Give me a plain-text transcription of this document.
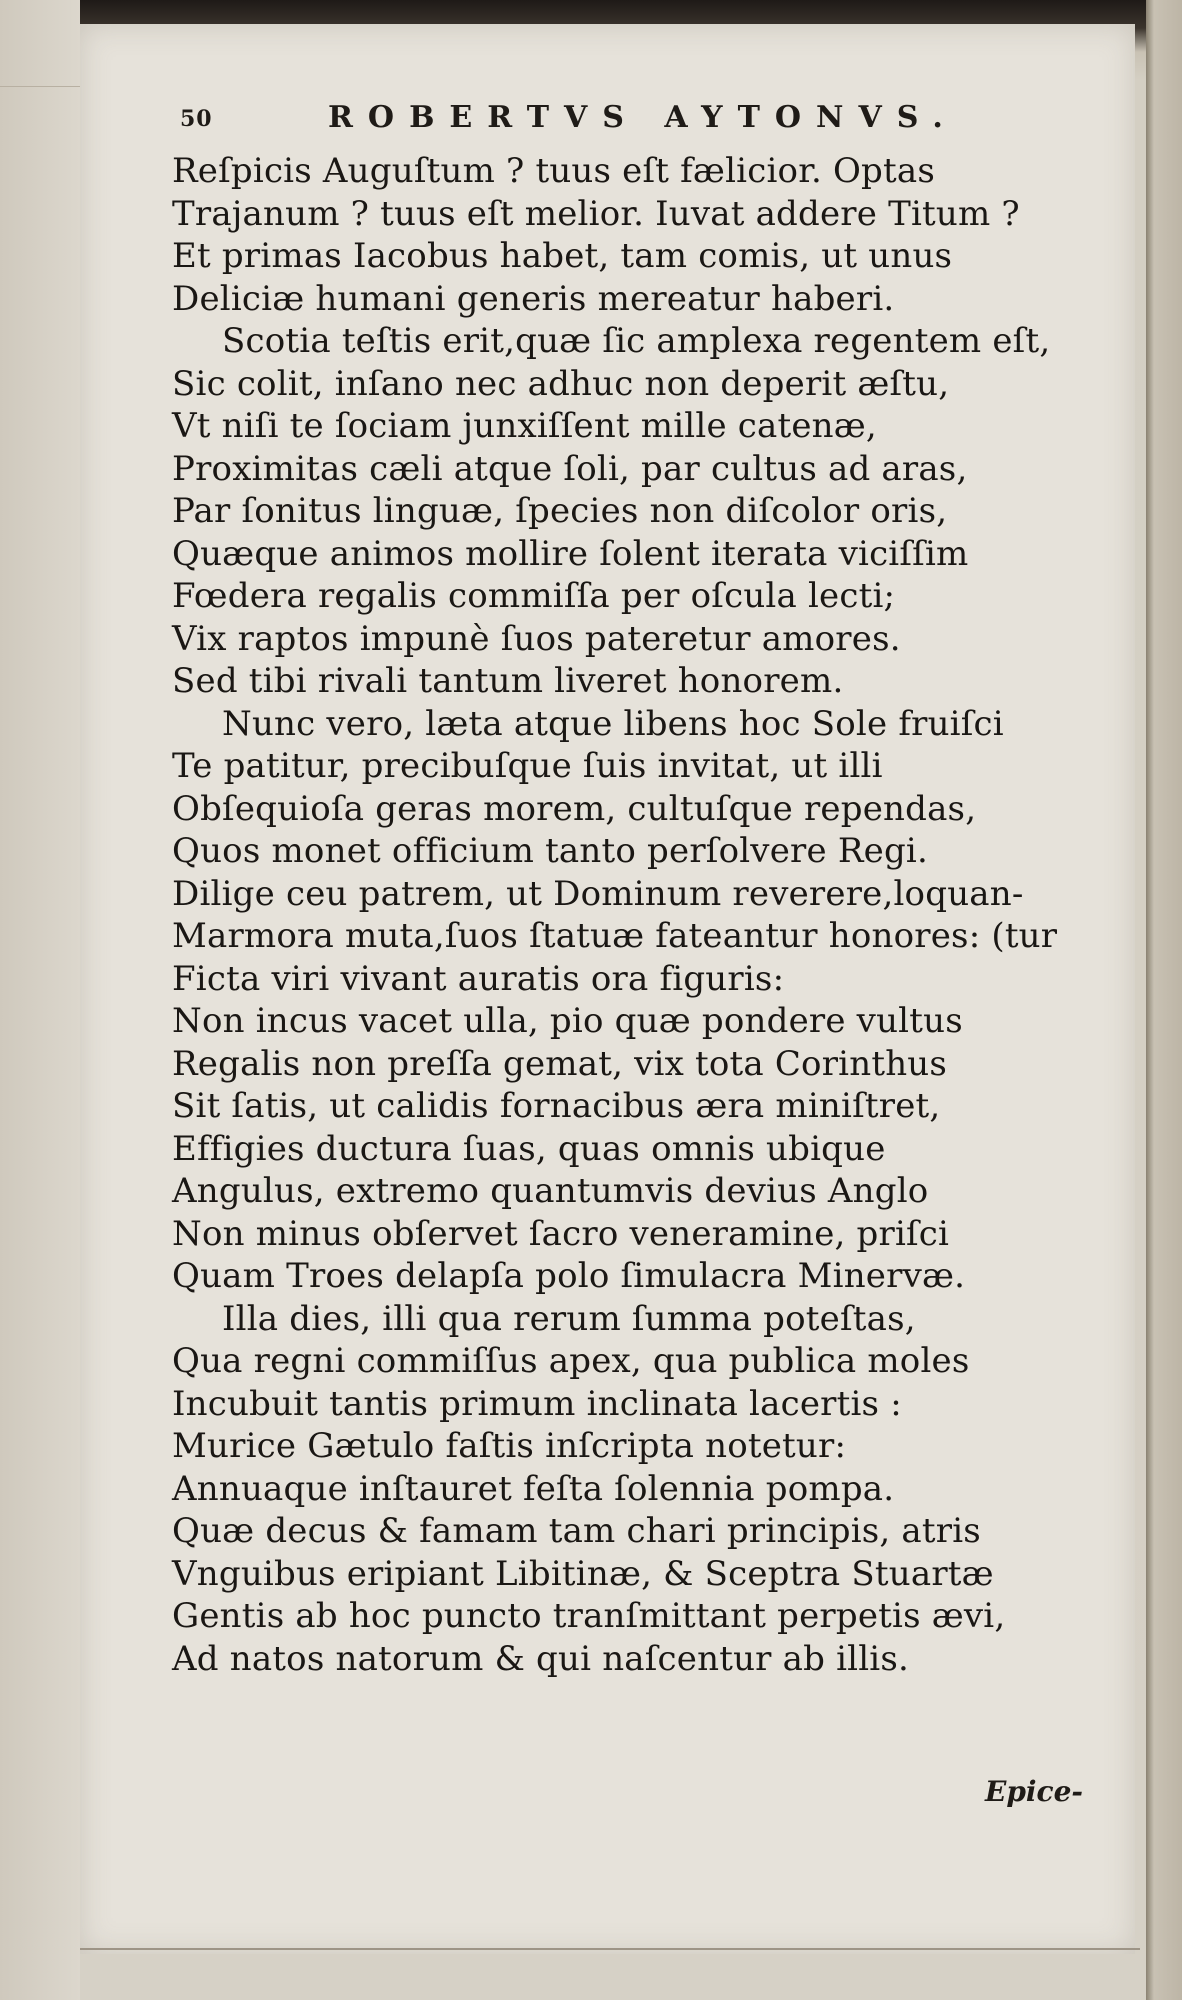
50	ROBERTVS AYTONVS.
Reſpicis Auguſtum ? tuus eſt fælicior. Optas
Trajanum ? tuus eſt melior. Iuvat addere Titum ?
Et primas Iacobus habet, tam comis, ut unus
Deliciæ humani generis mereatur haberi.
Scotia teſtis erit,quæ ſic amplexa regentem eſt,
Sic colit, inſano nec adhuc non deperit æſtu,
Vt niſi te ſociam junxiſſent mille catenæ,
Proximitas cæli atque ſoli, par cultus ad aras,
Par ſonitus linguæ, ſpecies non diſcolor oris,
Quæque animos mollire ſolent iterata viciſſim
Fœdera regalis commiſſa per oſcula lecti;
Vix raptos impunè ſuos pateretur amores.
Sed tibi rivali tantum liveret honorem.
Nunc vero, læta atque libens hoc Sole fruiſci
Te patitur, precibuſque ſuis invitat, ut illi
Obſequioſa geras morem, cultuſque rependas,
Quos monet officium tanto perſolvere Regi.
Dilige ceu patrem, ut Dominum reverere,loquan-
Marmora muta,ſuos ſtatuæ fateantur honores: (tur
Ficta viri vivant auratis ora figuris:
Non incus vacet ulla, pio quæ pondere vultus
Regalis non preſſa gemat, vix tota Corinthus
Sit ſatis, ut calidis fornacibus æra miniſtret,
Effigies ductura ſuas, quas omnis ubique
Angulus, extremo quantumvis devius Anglo
Non minus obſervet ſacro veneramine, priſci
Quam Troes delapſa polo ſimulacra Minervæ.
Illa dies, illi qua rerum ſumma poteſtas,
Qua regni commiſſus apex, qua publica moles
Incubuit tantis primum inclinata lacertis :
Murice Gætulo faſtis inſcripta notetur:
Annuaque inſtauret feſta ſolennia pompa.
Quæ decus & famam tam chari principis, atris
Vnguibus eripiant Libitinæ, & Sceptra Stuartæ
Gentis ab hoc puncto tranſmittant perpetis ævi,
Ad natos natorum & qui naſcentur ab illis.
Epice-
